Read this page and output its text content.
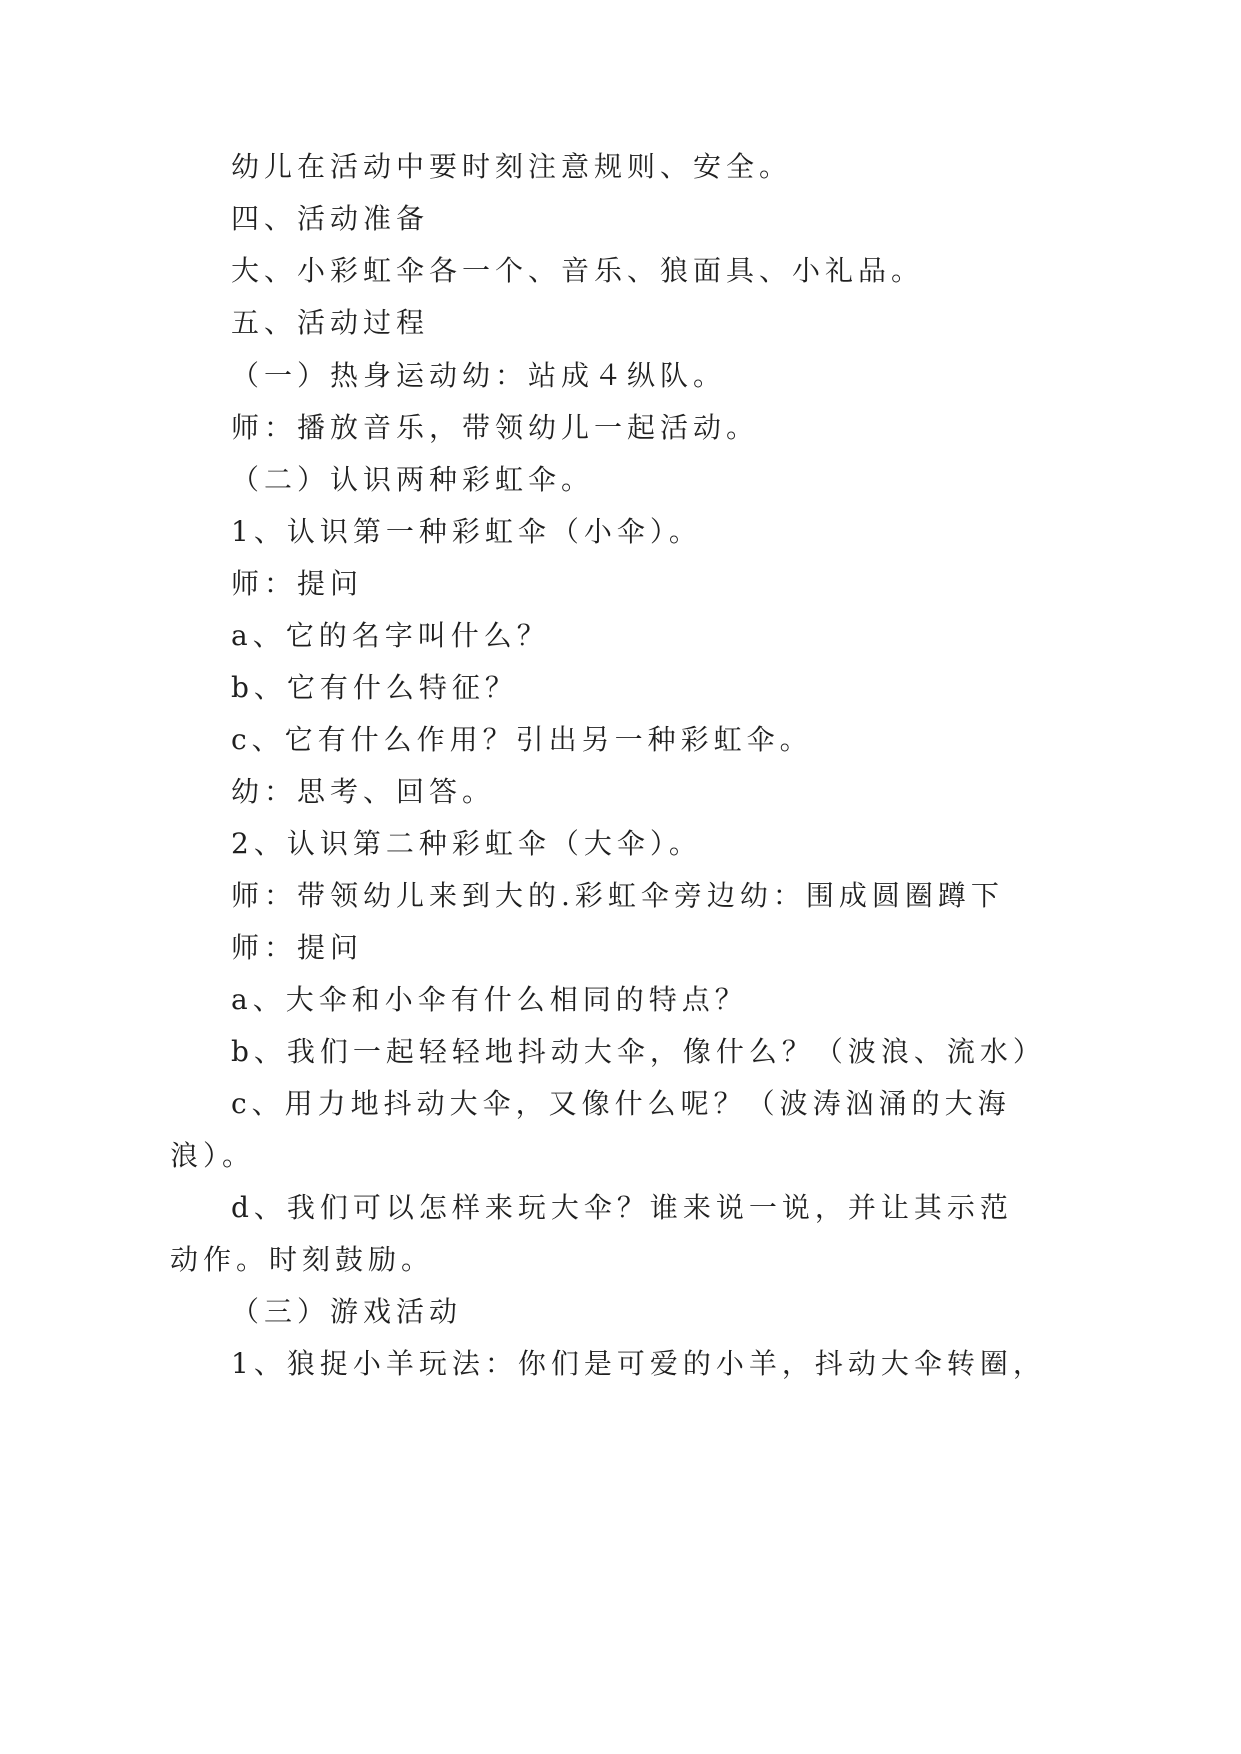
幼儿在活动中要时刻注意规则、安全。

四、活动准备

大、小彩虹伞各一个、音乐、狼面具、小礼品。

五、活动过程

（一）热身运动幼：站成４纵队。

师：播放音乐，带领幼儿一起活动。

（二）认识两种彩虹伞。

1、认识第一种彩虹伞（小伞）。

师：提问

a、它的名字叫什么？

b、它有什么特征？

c、它有什么作用？引出另一种彩虹伞。

幼：思考、回答。

2、认识第二种彩虹伞（大伞）。

师：带领幼儿来到大的.彩虹伞旁边幼：围成圆圈蹲下

师：提问

a、大伞和小伞有什么相同的特点？

b、我们一起轻轻地抖动大伞，像什么？（波浪、流水）

c、用力地抖动大伞，又像什么呢？（波涛汹涌的大海

浪）。

d、我们可以怎样来玩大伞？谁来说一说，并让其示范

动作。时刻鼓励。

（三）游戏活动

1、狼捉小羊玩法：你们是可爱的小羊，抖动大伞转圈，
